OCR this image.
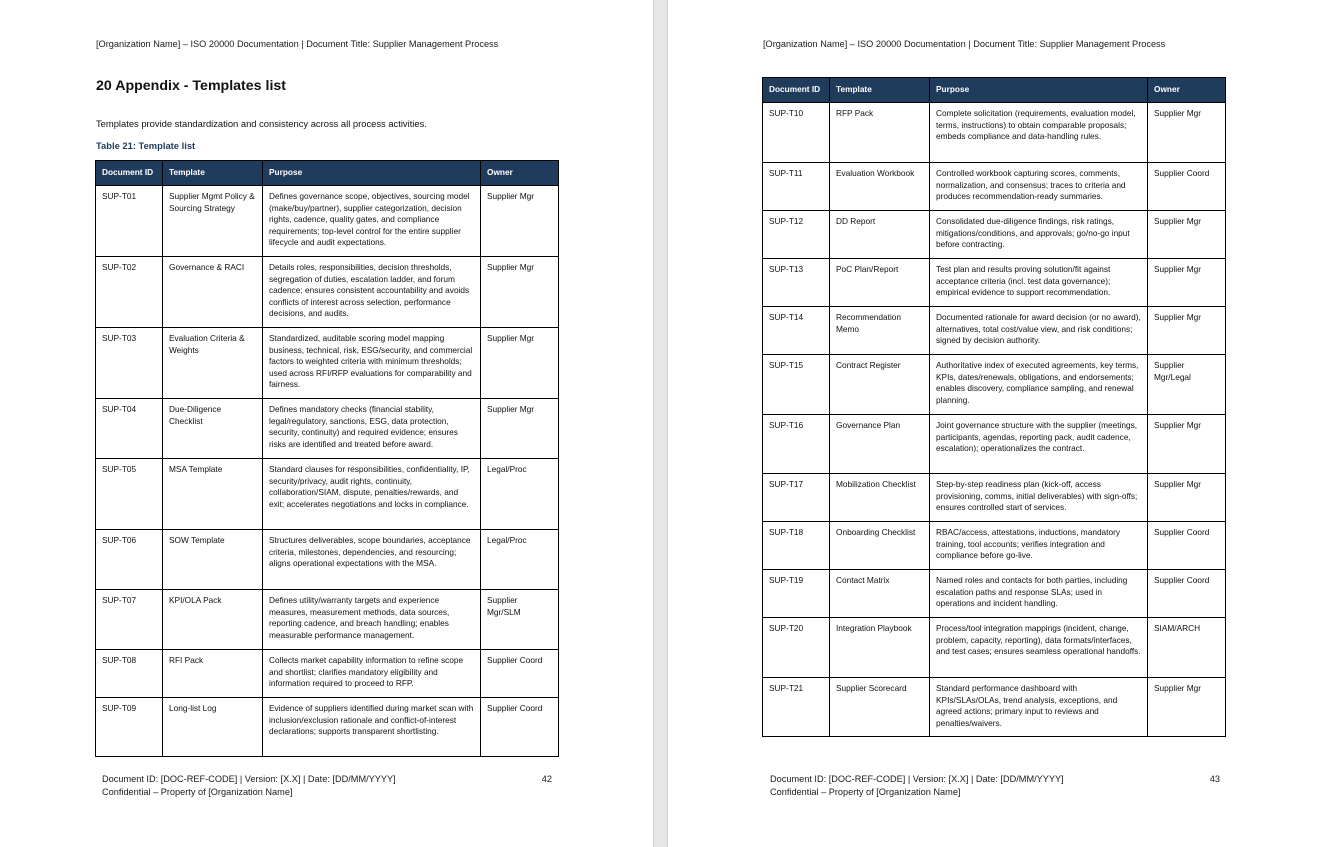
[Organization Name] – ISO 20000 Documentation | Document Title: Supplier Management Process
20 Appendix - Templates list
Templates provide standardization and consistency across all process activities.
Table 21: Template list
Document ID	Template	Purpose	Owner
SUP-T01	Supplier Mgmt Policy & Sourcing Strategy	Defines governance scope, objectives, sourcing model (make/buy/partner), supplier categorization, decision rights, cadence, quality gates, and compliance requirements; top-level control for the entire supplier lifecycle and audit expectations.	Supplier Mgr
SUP-T02	Governance & RACI	Details roles, responsibilities, decision thresholds, segregation of duties, escalation ladder, and forum cadence; ensures consistent accountability and avoids conflicts of interest across selection, performance decisions, and audits.	Supplier Mgr
SUP-T03	Evaluation Criteria & Weights	Standardized, auditable scoring model mapping business, technical, risk, ESG/security, and commercial factors to weighted criteria with minimum thresholds; used across RFI/RFP evaluations for comparability and fairness.	Supplier Mgr
SUP-T04	Due-Diligence Checklist	Defines mandatory checks (financial stability, legal/regulatory, sanctions, ESG, data protection, security, continuity) and required evidence; ensures risks are identified and treated before award.	Supplier Mgr
SUP-T05	MSA Template	Standard clauses for responsibilities, confidentiality, IP, security/privacy, audit rights, continuity, collaboration/SIAM, dispute, penalties/rewards, and exit; accelerates negotiations and locks in compliance.	Legal/Proc
SUP-T06	SOW Template	Structures deliverables, scope boundaries, acceptance criteria, milestones, dependencies, and resourcing; aligns operational expectations with the MSA.	Legal/Proc
SUP-T07	KPI/OLA Pack	Defines utility/warranty targets and experience measures, measurement methods, data sources, reporting cadence, and breach handling; enables measurable performance management.	Supplier Mgr/SLM
SUP-T08	RFI Pack	Collects market capability information to refine scope and shortlist; clarifies mandatory eligibility and information required to proceed to RFP.	Supplier Coord
SUP-T09	Long-list Log	Evidence of suppliers identified during market scan with inclusion/exclusion rationale and conflict-of-interest declarations; supports transparent shortlisting.	Supplier Coord
Document ID: [DOC-REF-CODE] | Version: [X.X] | Date: [DD/MM/YYYY]
Confidential – Property of [Organization Name]
42
[Organization Name] – ISO 20000 Documentation | Document Title: Supplier Management Process
Document ID	Template	Purpose	Owner
SUP-T10	RFP Pack	Complete solicitation (requirements, evaluation model, terms, instructions) to obtain comparable proposals; embeds compliance and data-handling rules.	Supplier Mgr
SUP-T11	Evaluation Workbook	Controlled workbook capturing scores, comments, normalization, and consensus; traces to criteria and produces recommendation-ready summaries.	Supplier Coord
SUP-T12	DD Report	Consolidated due-diligence findings, risk ratings, mitigations/conditions, and approvals; go/no-go input before contracting.	Supplier Mgr
SUP-T13	PoC Plan/Report	Test plan and results proving solution/fit against acceptance criteria (incl. test data governance); empirical evidence to support recommendation.	Supplier Mgr
SUP-T14	Recommendation Memo	Documented rationale for award decision (or no award), alternatives, total cost/value view, and risk conditions; signed by decision authority.	Supplier Mgr
SUP-T15	Contract Register	Authoritative index of executed agreements, key terms, KPIs, dates/renewals, obligations, and endorsements; enables discovery, compliance sampling, and renewal planning.	Supplier Mgr/Legal
SUP-T16	Governance Plan	Joint governance structure with the supplier (meetings, participants, agendas, reporting pack, audit cadence, escalation); operationalizes the contract.	Supplier Mgr
SUP-T17	Mobilization Checklist	Step-by-step readiness plan (kick-off, access provisioning, comms, initial deliverables) with sign-offs; ensures controlled start of services.	Supplier Mgr
SUP-T18	Onboarding Checklist	RBAC/access, attestations, inductions, mandatory training, tool accounts; verifies integration and compliance before go-live.	Supplier Coord
SUP-T19	Contact Matrix	Named roles and contacts for both parties, including escalation paths and response SLAs; used in operations and incident handling.	Supplier Coord
SUP-T20	Integration Playbook	Process/tool integration mappings (incident, change, problem, capacity, reporting), data formats/interfaces, and test cases; ensures seamless operational handoffs.	SIAM/ARCH
SUP-T21	Supplier Scorecard	Standard performance dashboard with KPIs/SLAs/OLAs, trend analysis, exceptions, and agreed actions; primary input to reviews and penalties/waivers.	Supplier Mgr
Document ID: [DOC-REF-CODE] | Version: [X.X] | Date: [DD/MM/YYYY]
Confidential – Property of [Organization Name]
43
